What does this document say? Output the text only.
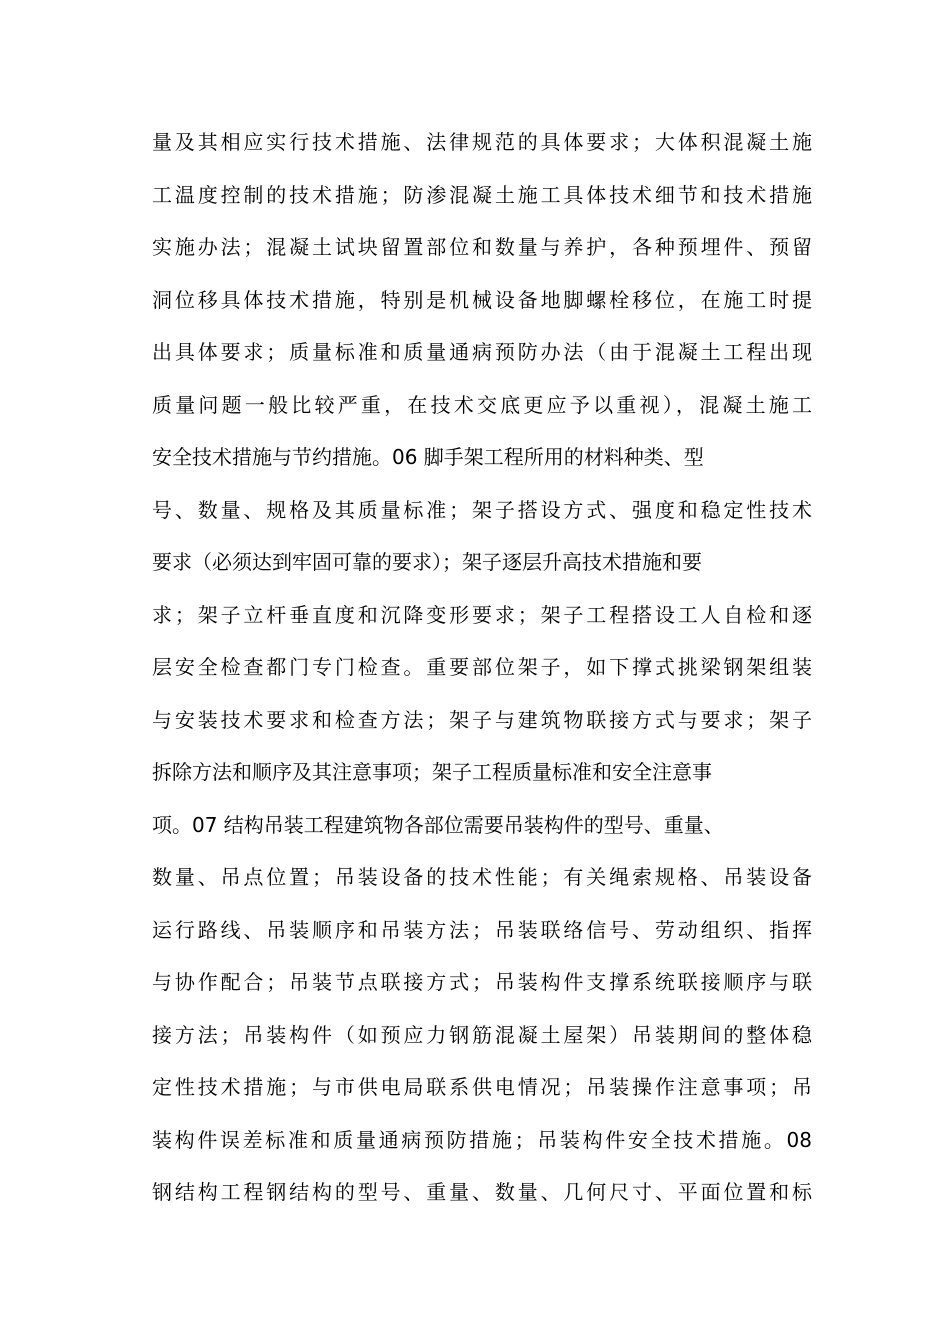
量及其相应实行技术措施、法律规范的具体要求；大体积混凝土施
工温度控制的技术措施；防渗混凝土施工具体技术细节和技术措施
实施办法；混凝土试块留置部位和数量与养护，各种预埋件、预留
洞位移具体技术措施，特别是机械设备地脚螺栓移位，在施工时提
出具体要求；质量标准和质量通病预防办法（由于混凝土工程出现
质量问题一般比较严重，在技术交底更应予以重视），混凝土施工
安全技术措施与节约措施。06 脚手架工程所用的材料种类、型
号、数量、规格及其质量标准；架子搭设方式、强度和稳定性技术
要求（必须达到牢固可靠的要求）；架子逐层升高技术措施和要
求；架子立杆垂直度和沉降变形要求；架子工程搭设工人自检和逐
层安全检查都门专门检查。重要部位架子，如下撑式挑梁钢架组装
与安装技术要求和检查方法；架子与建筑物联接方式与要求；架子
拆除方法和顺序及其注意事项；架子工程质量标准和安全注意事
项。07 结构吊装工程建筑物各部位需要吊装构件的型号、重量、
数量、吊点位置；吊装设备的技术性能；有关绳索规格、吊装设备
运行路线、吊装顺序和吊装方法；吊装联络信号、劳动组织、指挥
与协作配合；吊装节点联接方式；吊装构件支撑系统联接顺序与联
接方法；吊装构件（如预应力钢筋混凝土屋架）吊装期间的整体稳
定性技术措施；与市供电局联系供电情况；吊装操作注意事项；吊
装构件误差标准和质量通病预防措施；吊装构件安全技术措施。08
钢结构工程钢结构的型号、重量、数量、几何尺寸、平面位置和标
